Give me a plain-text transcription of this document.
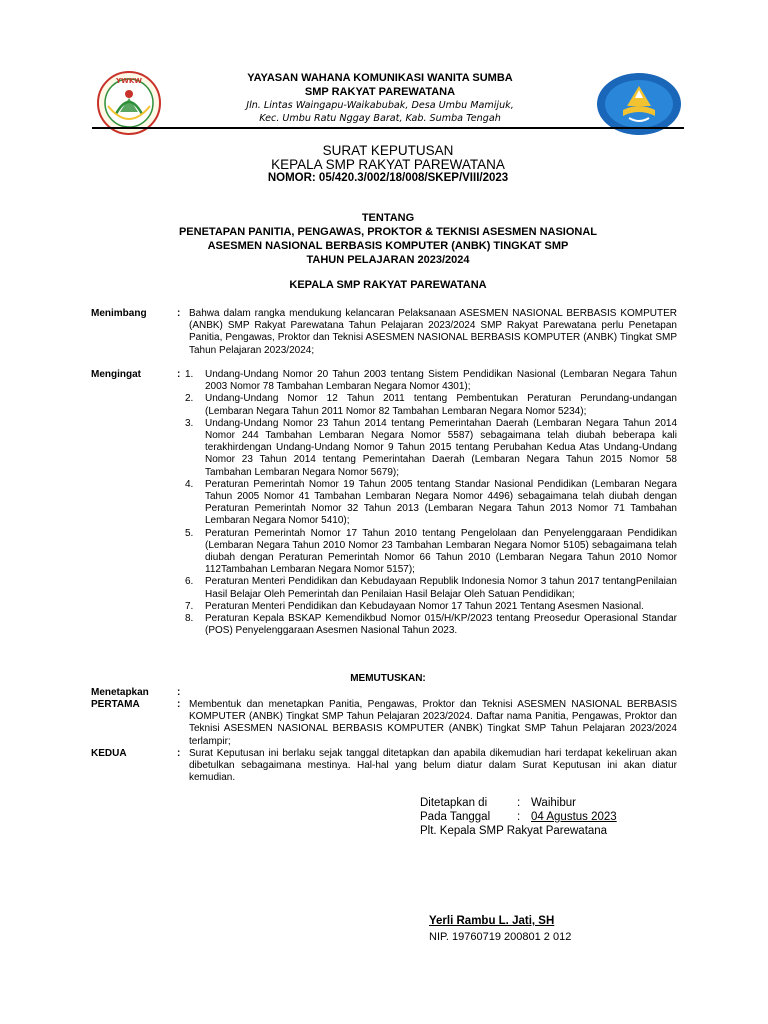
YWKW	YAYASAN WAHANA KOMUNIKASI WANITA SUMBA
SMP RAKYAT PAREWATANA
Jln. Lintas Waingapu-Waikabubak, Desa Umbu Mamijuk,
Kec. Umbu Ratu Nggay Barat, Kab. Sumba Tengah
SURAT KEPUTUSAN
KEPALA SMP RAKYAT PAREWATANA
NOMOR: 05/420.3/002/18/008/SKEP/VIII/2023
TENTANG
PENETAPAN PANITIA, PENGAWAS, PROKTOR & TEKNISI ASESMEN NASIONAL
ASESMEN NASIONAL BERBASIS KOMPUTER (ANBK) TINGKAT SMP
TAHUN PELAJARAN 2023/2024
KEPALA SMP RAKYAT PAREWATANA
Menimbang	: Bahwa dalam rangka mendukung kelancaran Pelaksanaan ASESMEN NASIONAL BERBASIS KOMPUTER (ANBK) SMP Rakyat Parewatana Tahun Pelajaran 2023/2024 SMP Rakyat Parewatana perlu Penetapan Panitia, Pengawas, Proktor dan Teknisi ASESMEN NASIONAL BERBASIS KOMPUTER (ANBK) Tingkat SMP Tahun Pelajaran 2023/2024;
Mengingat	: 1. Undang-Undang Nomor 20 Tahun 2003 tentang Sistem Pendidikan Nasional (Lembaran Negara Tahun 2003 Nomor 78 Tambahan Lembaran Negara Nomor 4301);
2. Undang-Undang Nomor 12 Tahun 2011 tentang Pembentukan Peraturan Perundang-undangan (Lembaran Negara Tahun 2011 Nomor 82 Tambahan Lembaran Negara Nomor 5234);
3. Undang-Undang Nomor 23 Tahun 2014 tentang Pemerintahan Daerah (Lembaran Negara Tahun 2014 Nomor 244 Tambahan Lembaran Negara Nomor 5587) sebagaimana telah diubah beberapa kali terakhirdengan Undang-Undang Nomor 9 Tahun 2015 tentang Perubahan Kedua Atas Undang-Undang Nomor 23 Tahun 2014 tentang Pemerintahan Daerah (Lembaran Negara Tahun 2015 Nomor 58 Tambahan Lembaran Negara Nomor 5679);
4. Peraturan Pemerintah Nomor 19 Tahun 2005 tentang Standar Nasional Pendidikan (Lembaran Negara Tahun 2005 Nomor 41 Tambahan Lembaran Negara Nomor 4496) sebagaimana telah diubah dengan Peraturan Pemerintah Nomor 32 Tahun 2013 (Lembaran Negara Tahun 2013 Nomor 71 Tambahan Lembaran Negara Nomor 5410);
5. Peraturan Pemerintah Nomor 17 Tahun 2010 tentang Pengelolaan dan Penyelenggaraan Pendidikan (Lembaran Negara Tahun 2010 Nomor 23 Tambahan Lembaran Negara Nomor 5105) sebagaimana telah diubah dengan Peraturan Pemerintah Nomor 66 Tahun 2010 (Lembaran Negara Tahun 2010 Nomor 112Tambahan Lembaran Negara Nomor 5157);
6. Peraturan Menteri Pendidikan dan Kebudayaan Republik Indonesia Nomor 3 tahun 2017 tentangPenilaian Hasil Belajar Oleh Pemerintah dan Penilaian Hasil Belajar Oleh Satuan Pendidikan;
7. Peraturan Menteri Pendidikan dan Kebudayaan Nomor 17 Tahun 2021 Tentang Asesmen Nasional.
8. Peraturan Kepala BSKAP Kemendikbud Nomor 015/H/KP/2023 tentang Preosedur Operasional Standar (POS) Penyelenggaraan Asesmen Nasional Tahun 2023.
MEMUTUSKAN:
Menetapkan	:
PERTAMA	: Membentuk dan menetapkan Panitia, Pengawas, Proktor dan Teknisi ASESMEN NASIONAL BERBASIS KOMPUTER (ANBK) Tingkat SMP Tahun Pelajaran 2023/2024. Daftar nama Panitia, Pengawas, Proktor dan Teknisi ASESMEN NASIONAL BERBASIS KOMPUTER (ANBK) Tingkat SMP Tahun Pelajaran 2023/2024 terlampir;
KEDUA	: Surat Keputusan ini berlaku sejak tanggal ditetapkan dan apabila dikemudian hari terdapat kekeliruan akan dibetulkan sebagaimana mestinya. Hal-hal yang belum diatur dalam Surat Keputusan ini akan diatur kemudian.
Ditetapkan di	: Waihibur
Pada Tanggal : 04 Agustus 2023
Plt. Kepala SMP Rakyat Parewatana
Yerli Rambu L. Jati, SH
NIP. 19760719 200801 2 012
